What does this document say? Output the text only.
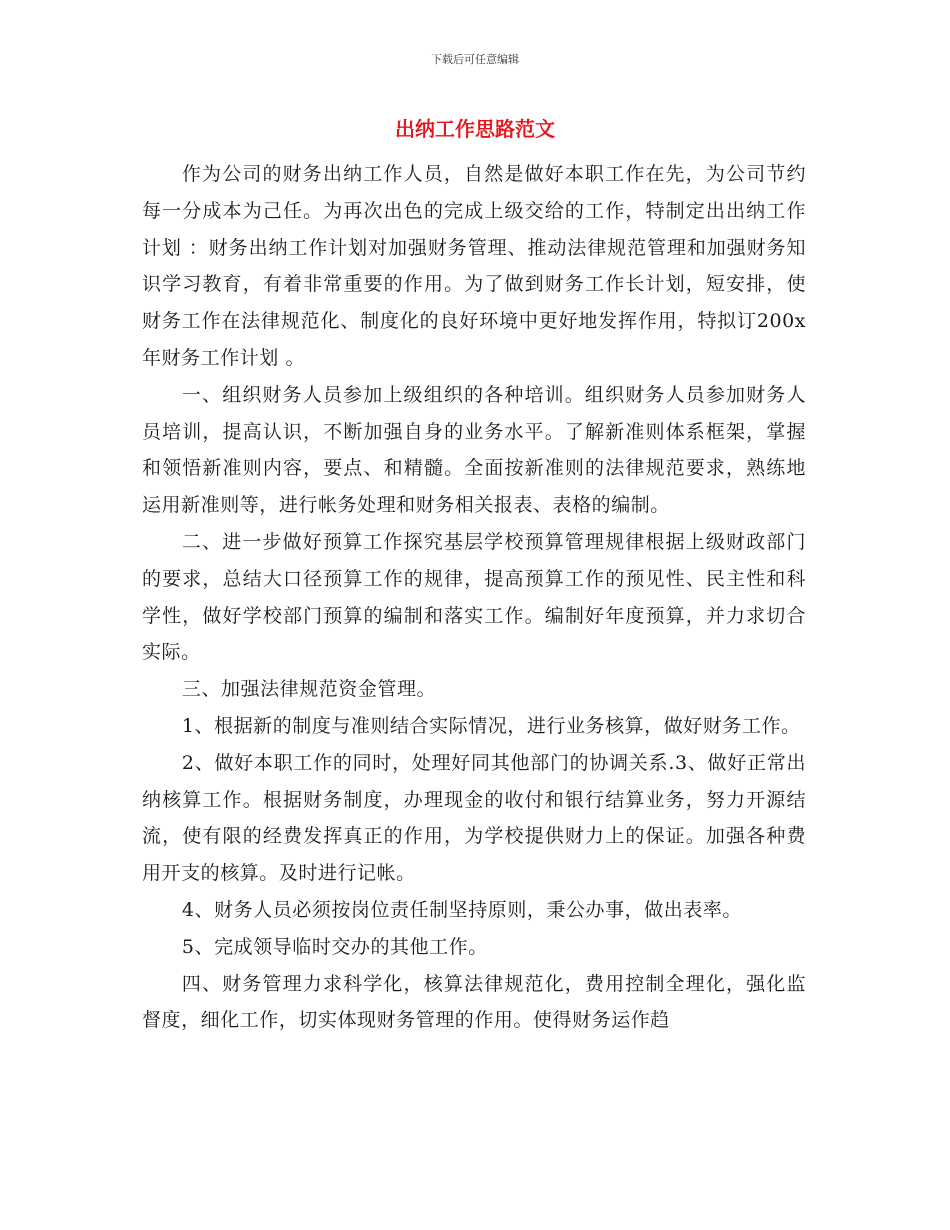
下载后可任意编辑
出纳工作思路范文

作为公司的财务出纳工作人员，自然是做好本职工作在先，为公司节约每一分成本为己任。为再次出色的完成上级交给的工作，特制定出出纳工作计划 ：财务出纳工作计划对加强财务管理、推动法律规范管理和加强财务知识学习教育，有着非常重要的作用。为了做到财务工作长计划，短安排，使财务工作在法律规范化、制度化的良好环境中更好地发挥作用，特拟订200x年财务工作计划 。

一、组织财务人员参加上级组织的各种培训。组织财务人员参加财务人员培训，提高认识，不断加强自身的业务水平。了解新准则体系框架，掌握和领悟新准则内容，要点、和精髓。全面按新准则的法律规范要求，熟练地运用新准则等，进行帐务处理和财务相关报表、表格的编制。

二、进一步做好预算工作探究基层学校预算管理规律根据上级财政部门的要求，总结大口径预算工作的规律，提高预算工作的预见性、民主性和科学性，做好学校部门预算的编制和落实工作。编制好年度预算，并力求切合实际。

三、加强法律规范资金管理。

1、根据新的制度与准则结合实际情况，进行业务核算，做好财务工作。

2、做好本职工作的同时，处理好同其他部门的协调关系.3、做好正常出纳核算工作。根据财务制度，办理现金的收付和银行结算业务，努力开源结流，使有限的经费发挥真正的作用，为学校提供财力上的保证。加强各种费用开支的核算。及时进行记帐。

4、财务人员必须按岗位责任制坚持原则，秉公办事，做出表率。

5、完成领导临时交办的其他工作。

四、财务管理力求科学化，核算法律规范化，费用控制全理化，强化监督度，细化工作，切实体现财务管理的作用。使得财务运作趋
